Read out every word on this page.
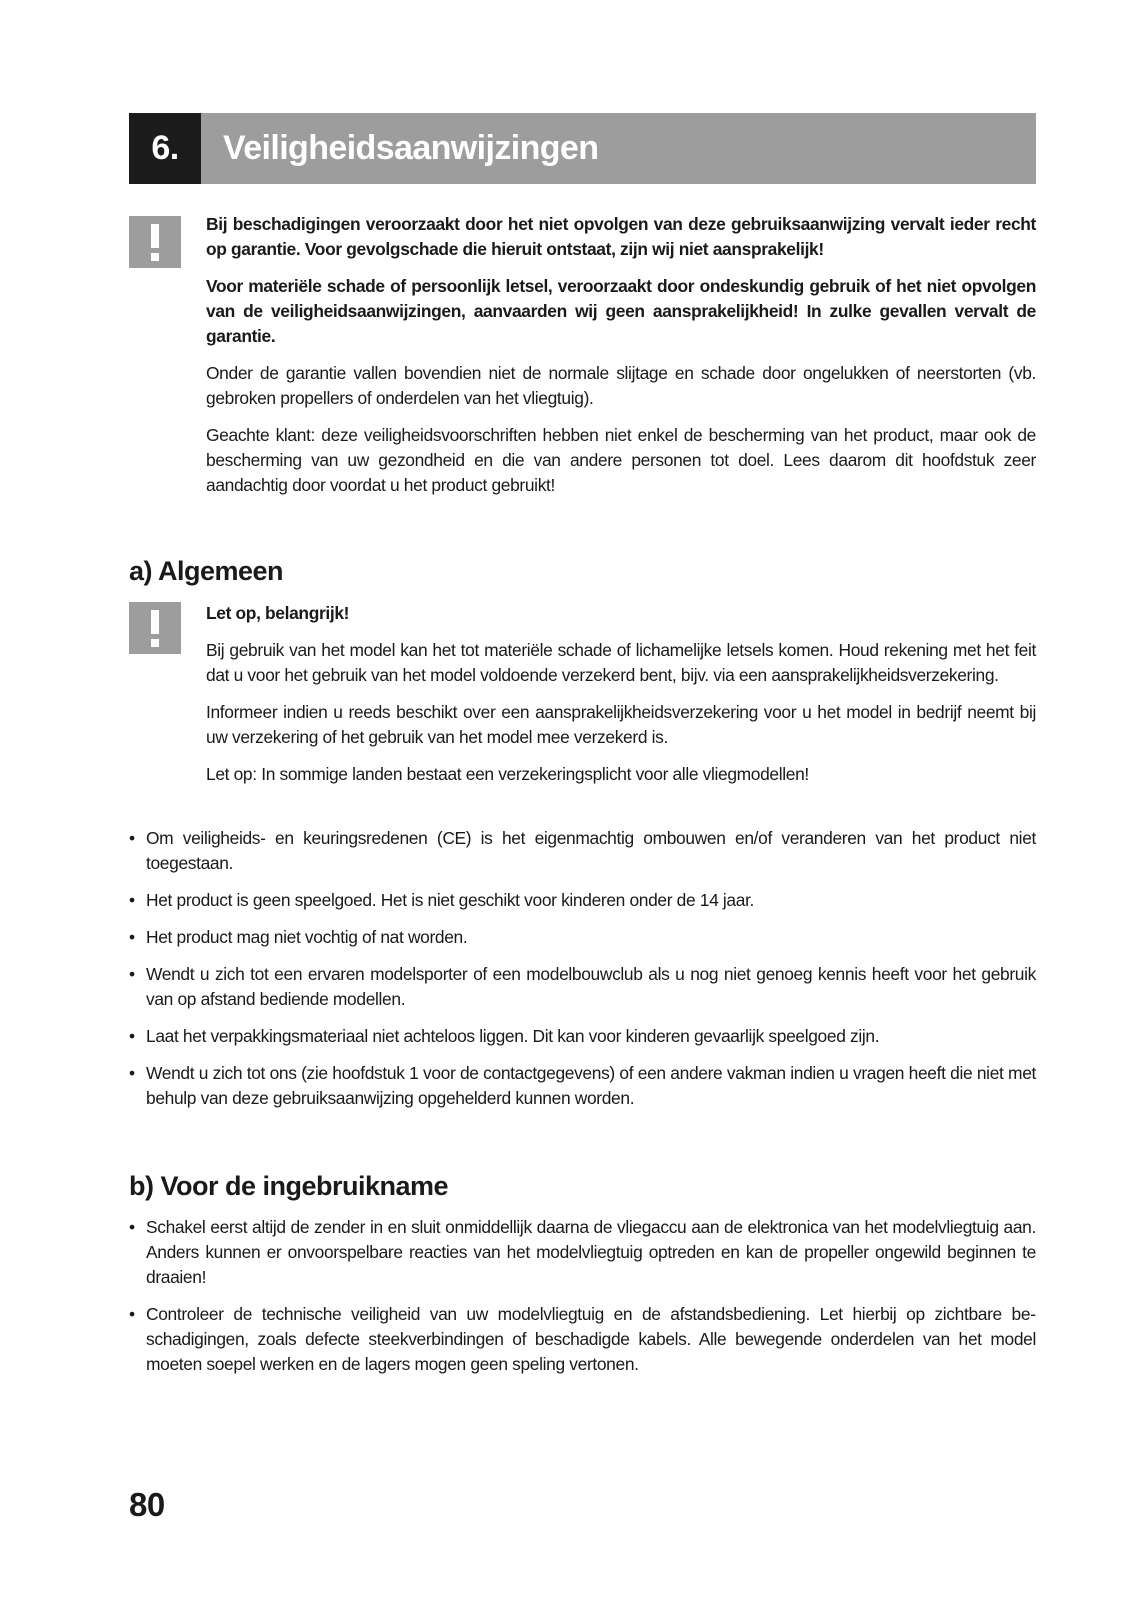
6.	Veiligheidsaanwijzingen

Bij beschadigingen veroorzaakt door het niet opvolgen van deze gebruiksaanwijzing vervalt ieder recht op garantie. Voor gevolgschade die hieruit ontstaat, zijn wij niet aansprakelijk!

Voor materiële schade of persoonlijk letsel, veroorzaakt door ondeskundig gebruik of het niet opvolgen van de veiligheidsaanwijzingen, aanvaarden wij geen aansprakelijkheid! In zulke gevallen vervalt de garantie.

Onder de garantie vallen bovendien niet de normale slijtage en schade door ongelukken of neerstorten (vb. gebroken propellers of onderdelen van het vliegtuig).

Geachte klant: deze veiligheidsvoorschriften hebben niet enkel de bescherming van het product, maar ook de bescherming van uw gezondheid en die van andere personen tot doel. Lees daarom dit hoofdstuk zeer aandachtig door voordat u het product gebruikt!

a) Algemeen

Let op, belangrijk!

Bij gebruik van het model kan het tot materiële schade of lichamelijke letsels komen. Houd rekening met het feit dat u voor het gebruik van het model voldoende verzekerd bent, bijv. via een aansprakelijkheidsverzekering.

Informeer indien u reeds beschikt over een aansprakelijkheidsverzekering voor u het model in bedrijf neemt bij uw verzekering of het gebruik van het model mee verzekerd is.

Let op: In sommige landen bestaat een verzekeringsplicht voor alle vliegmodellen!

• Om veiligheids- en keuringsredenen (CE) is het eigenmachtig ombouwen en/of veranderen van het product niet toegestaan.
• Het product is geen speelgoed. Het is niet geschikt voor kinderen onder de 14 jaar.
• Het product mag niet vochtig of nat worden.
• Wendt u zich tot een ervaren modelsporter of een modelbouwclub als u nog niet genoeg kennis heeft voor het gebruik van op afstand bediende modellen.
• Laat het verpakkingsmateriaal niet achteloos liggen. Dit kan voor kinderen gevaarlijk speelgoed zijn.
• Wendt u zich tot ons (zie hoofdstuk 1 voor de contactgegevens) of een andere vakman indien u vragen heeft die niet met behulp van deze gebruiksaanwijzing opgehelderd kunnen worden.
b) Voor de ingebruikname
• Schakel eerst altijd de zender in en sluit onmiddellijk daarna de vliegaccu aan de elektronica van het modelvliegtuig aan. Anders kunnen er onvoorspelbare reacties van het modelvliegtuig optreden en kan de propeller ongewild beginnen te draaien!
• Controleer de technische veiligheid van uw modelvliegtuig en de afstandsbediening. Let hierbij op zichtbare beschadigingen, zoals defecte steekverbindingen of beschadigde kabels. Alle bewegende onderdelen van het model moeten soepel werken en de lagers mogen geen speling vertonen.
80
